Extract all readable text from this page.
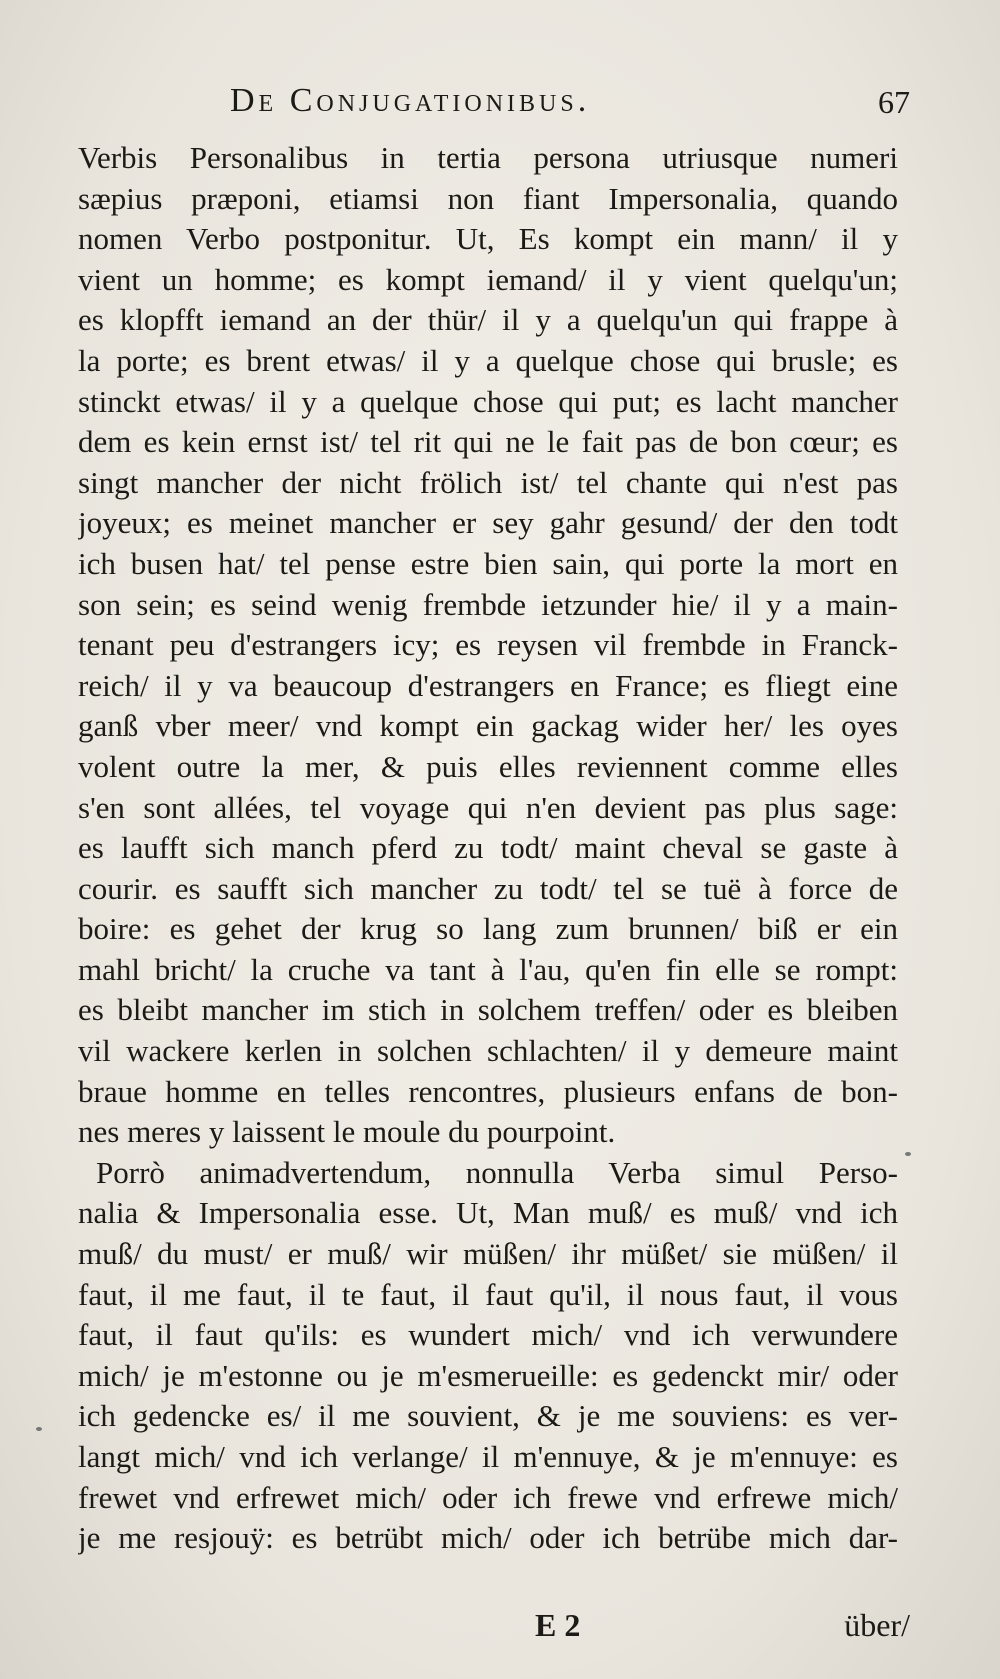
De Conjugationibus.	67
Verbis Personalibus in tertia persona utriusque numeri
sæpius præponi, etiamsi non fiant Impersonalia, quando
nomen Verbo postponitur. Ut, Es kompt ein mann/ il y
vient un homme; es kompt iemand/ il y vient quelqu'un;
es klopfft iemand an der thür/ il y a quelqu'un qui frappe à
la porte; es brent etwas/ il y a quelque chose qui brusle; es
stinckt etwas/ il y a quelque chose qui put; es lacht mancher
dem es kein ernst ist/ tel rit qui ne le fait pas de bon cœur; es
singt mancher der nicht frölich ist/ tel chante qui n'est pas
joyeux; es meinet mancher er sey gahr gesund/ der den todt
ich busen hat/ tel pense estre bien sain, qui porte la mort en
son sein; es seind wenig frembde ietzunder hie/ il y a main-
tenant peu d'estrangers icy; es reysen vil frembde in Franck-
reich/ il y va beaucoup d'estrangers en France; es fliegt eine
ganß vber meer/ vnd kompt ein gackag wider her/ les oyes
volent outre la mer, & puis elles reviennent comme elles
s'en sont allées, tel voyage qui n'en devient pas plus sage:
es laufft sich manch pferd zu todt/ maint cheval se gaste à
courir. es saufft sich mancher zu todt/ tel se tuë à force de
boire: es gehet der krug so lang zum brunnen/ biß er ein
mahl bricht/ la cruche va tant à l'au, qu'en fin elle se rompt:
es bleibt mancher im stich in solchem treffen/ oder es bleiben
vil wackere kerlen in solchen schlachten/ il y demeure maint
braue homme en telles rencontres, plusieurs enfans de bon-
nes meres y laissent le moule du pourpoint.
Porrò animadvertendum, nonnulla Verba simul Perso-
nalia & Impersonalia esse. Ut, Man muß/ es muß/ vnd ich
muß/ du must/ er muß/ wir müßen/ ihr müßet/ sie müßen/ il
faut, il me faut, il te faut, il faut qu'il, il nous faut, il vous
faut, il faut qu'ils: es wundert mich/ vnd ich verwundere
mich/ je m'estonne ou je m'esmerueille: es gedenckt mir/ oder
ich gedencke es/ il me souvient, & je me souviens: es ver-
langt mich/ vnd ich verlange/ il m'ennuye, & je m'ennuye: es
frewet vnd erfrewet mich/ oder ich frewe vnd erfrewe mich/
je me resjouÿ: es betrübt mich/ oder ich betrübe mich dar-
E 2	über/
